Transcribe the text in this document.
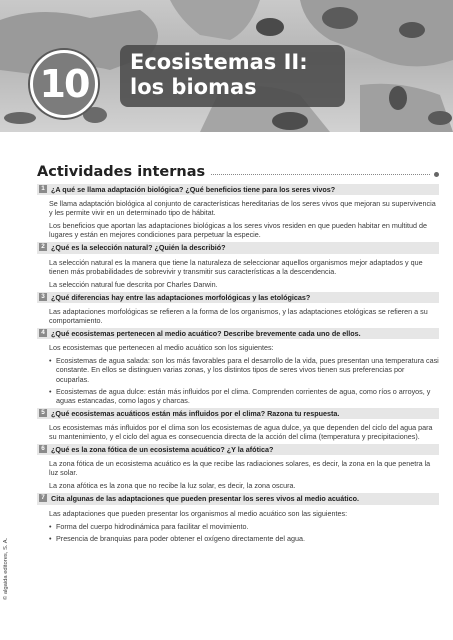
10	Ecosistemas II:
los biomas
Actividades internas
1 ¿A qué se llama adaptación biológica? ¿Qué beneficios tiene para los seres vivos?

Se llama adaptación biológica al conjunto de características hereditarias de los seres vivos que mejoran su supervivencia y les permite vivir en un determinado tipo de hábitat.

Los beneficios que aportan las adaptaciones biológicas a los seres vivos residen en que pueden habitar en multitud de lugares y están en mejores condiciones para perpetuar la especie.

2 ¿Qué es la selección natural? ¿Quién la describió?

La selección natural es la manera que tiene la naturaleza de seleccionar aquellos organismos mejor adaptados y que tienen más probabilidades de sobrevivir y transmitir sus características a la descendencia.

La selección natural fue descrita por Charles Darwin.

3 ¿Qué diferencias hay entre las adaptaciones morfológicas y las etológicas?

Las adaptaciones morfológicas se refieren a la forma de los organismos, y las adaptaciones etológicas se refieren a su comportamiento.

4 ¿Qué ecosistemas pertenecen al medio acuático? Describe brevemente cada uno de ellos.

Los ecosistemas que pertenecen al medio acuático son los siguientes:

• Ecosistemas de agua salada: son los más favorables para el desarrollo de la vida, pues presentan una temperatura casi constante. En ellos se distinguen varias zonas, y los distintos tipos de seres vivos tienen sus preferencias por ocuparlas.
• Ecosistemas de agua dulce: están más influidos por el clima. Comprenden corrientes de agua, como ríos o arroyos, y aguas estancadas, como lagos y charcas.
5 ¿Qué ecosistemas acuáticos están más influidos por el clima? Razona tu respuesta.

Los ecosistemas más influidos por el clima son los ecosistemas de agua dulce, ya que dependen del ciclo del agua para su mantenimiento, y el ciclo del agua es consecuencia directa de la acción del clima (temperatura y precipitaciones).

6 ¿Qué es la zona fótica de un ecosistema acuático? ¿Y la afótica?

La zona fótica de un ecosistema acuático es la que recibe las radiaciones solares, es decir, la zona en la que penetra la luz solar.

La zona afótica es la zona que no recibe la luz solar, es decir, la zona oscura.

7 Cita algunas de las adaptaciones que pueden presentar los seres vivos al medio acuático.

Las adaptaciones que pueden presentar los organismos al medio acuático son las siguientes:

• Forma del cuerpo hidrodinámica para facilitar el movimiento.
• Presencia de branquias para poder obtener el oxígeno directamente del agua.
© algaida editores, S. A.
